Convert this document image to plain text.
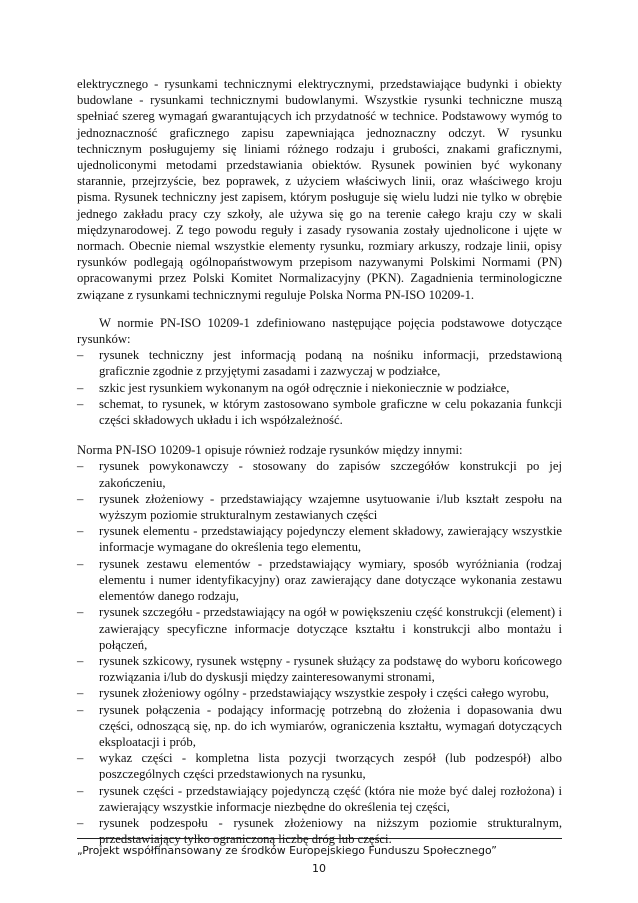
elektrycznego - rysunkami technicznymi elektrycznymi, przedstawiające budynki i obiekty budowlane - rysunkami technicznymi budowlanymi. Wszystkie rysunki techniczne muszą spełniać szereg wymagań gwarantujących ich przydatność w technice. Podstawowy wymóg to jednoznaczność graficznego zapisu zapewniająca jednoznaczny odczyt. W rysunku technicznym posługujemy się liniami różnego rodzaju i grubości, znakami graficznymi, ujednoliconymi metodami przedstawiania obiektów. Rysunek powinien być wykonany starannie, przejrzyście, bez poprawek, z użyciem właściwych linii, oraz właściwego kroju pisma. Rysunek techniczny jest zapisem, którym posługuje się wielu ludzi nie tylko w obrębie jednego zakładu pracy czy szkoły, ale używa się go na terenie całego kraju czy w skali międzynarodowej. Z tego powodu reguły i zasady rysowania zostały ujednolicone i ujęte w normach. Obecnie niemal wszystkie elementy rysunku, rozmiary arkuszy, rodzaje linii, opisy rysunków podlegają ogólnopaństwowym przepisom nazywanymi Polskimi Normami (PN) opracowanymi przez Polski Komitet Normalizacyjny (PKN). Zagadnienia terminologiczne związane z rysunkami technicznymi reguluje Polska Norma PN-ISO 10209-1.

W normie PN-ISO 10209-1 zdefiniowano następujące pojęcia podstawowe dotyczące rysunków:

– rysunek techniczny jest informacją podaną na nośniku informacji, przedstawioną graficznie zgodnie z przyjętymi zasadami i zazwyczaj w podziałce,
– szkic jest rysunkiem wykonanym na ogół odręcznie i niekoniecznie w podziałce,
– schemat, to rysunek, w którym zastosowano symbole graficzne w celu pokazania funkcji części składowych układu i ich współzależność.

Norma PN-ISO 10209-1 opisuje również rodzaje rysunków między innymi:

– rysunek powykonawczy - stosowany do zapisów szczegółów konstrukcji po jej zakończeniu,
– rysunek złożeniowy - przedstawiający wzajemne usytuowanie i/lub kształt zespołu na wyższym poziomie strukturalnym zestawianych części
– rysunek elementu - przedstawiający pojedynczy element składowy, zawierający wszystkie informacje wymagane do określenia tego elementu,
– rysunek zestawu elementów - przedstawiający wymiary, sposób wyróżniania (rodzaj elementu i numer identyfikacyjny) oraz zawierający dane dotyczące wykonania zestawu elementów danego rodzaju,
– rysunek szczegółu - przedstawiający na ogół w powiększeniu część konstrukcji (element) i zawierający specyficzne informacje dotyczące kształtu i konstrukcji albo montażu i połączeń,
– rysunek szkicowy, rysunek wstępny - rysunek służący za podstawę do wyboru końcowego rozwiązania i/lub do dyskusji między zainteresowanymi stronami,
– rysunek złożeniowy ogólny - przedstawiający wszystkie zespoły i części całego wyrobu,
– rysunek połączenia - podający informację potrzebną do złożenia i dopasowania dwu części, odnoszącą się, np. do ich wymiarów, ograniczenia kształtu, wymagań dotyczących eksploatacji i prób,
– wykaz części - kompletna lista pozycji tworzących zespół (lub podzespół) albo poszczególnych części przedstawionych na rysunku,
– rysunek części - przedstawiający pojedynczą część (która nie może być dalej rozłożona) i zawierający wszystkie informacje niezbędne do określenia tej części,
– rysunek podzespołu - rysunek złożeniowy na niższym poziomie strukturalnym, przedstawiający tylko ograniczoną liczbę dróg lub części.
„Projekt współfinansowany ze środków Europejskiego Funduszu Społecznego”
10
